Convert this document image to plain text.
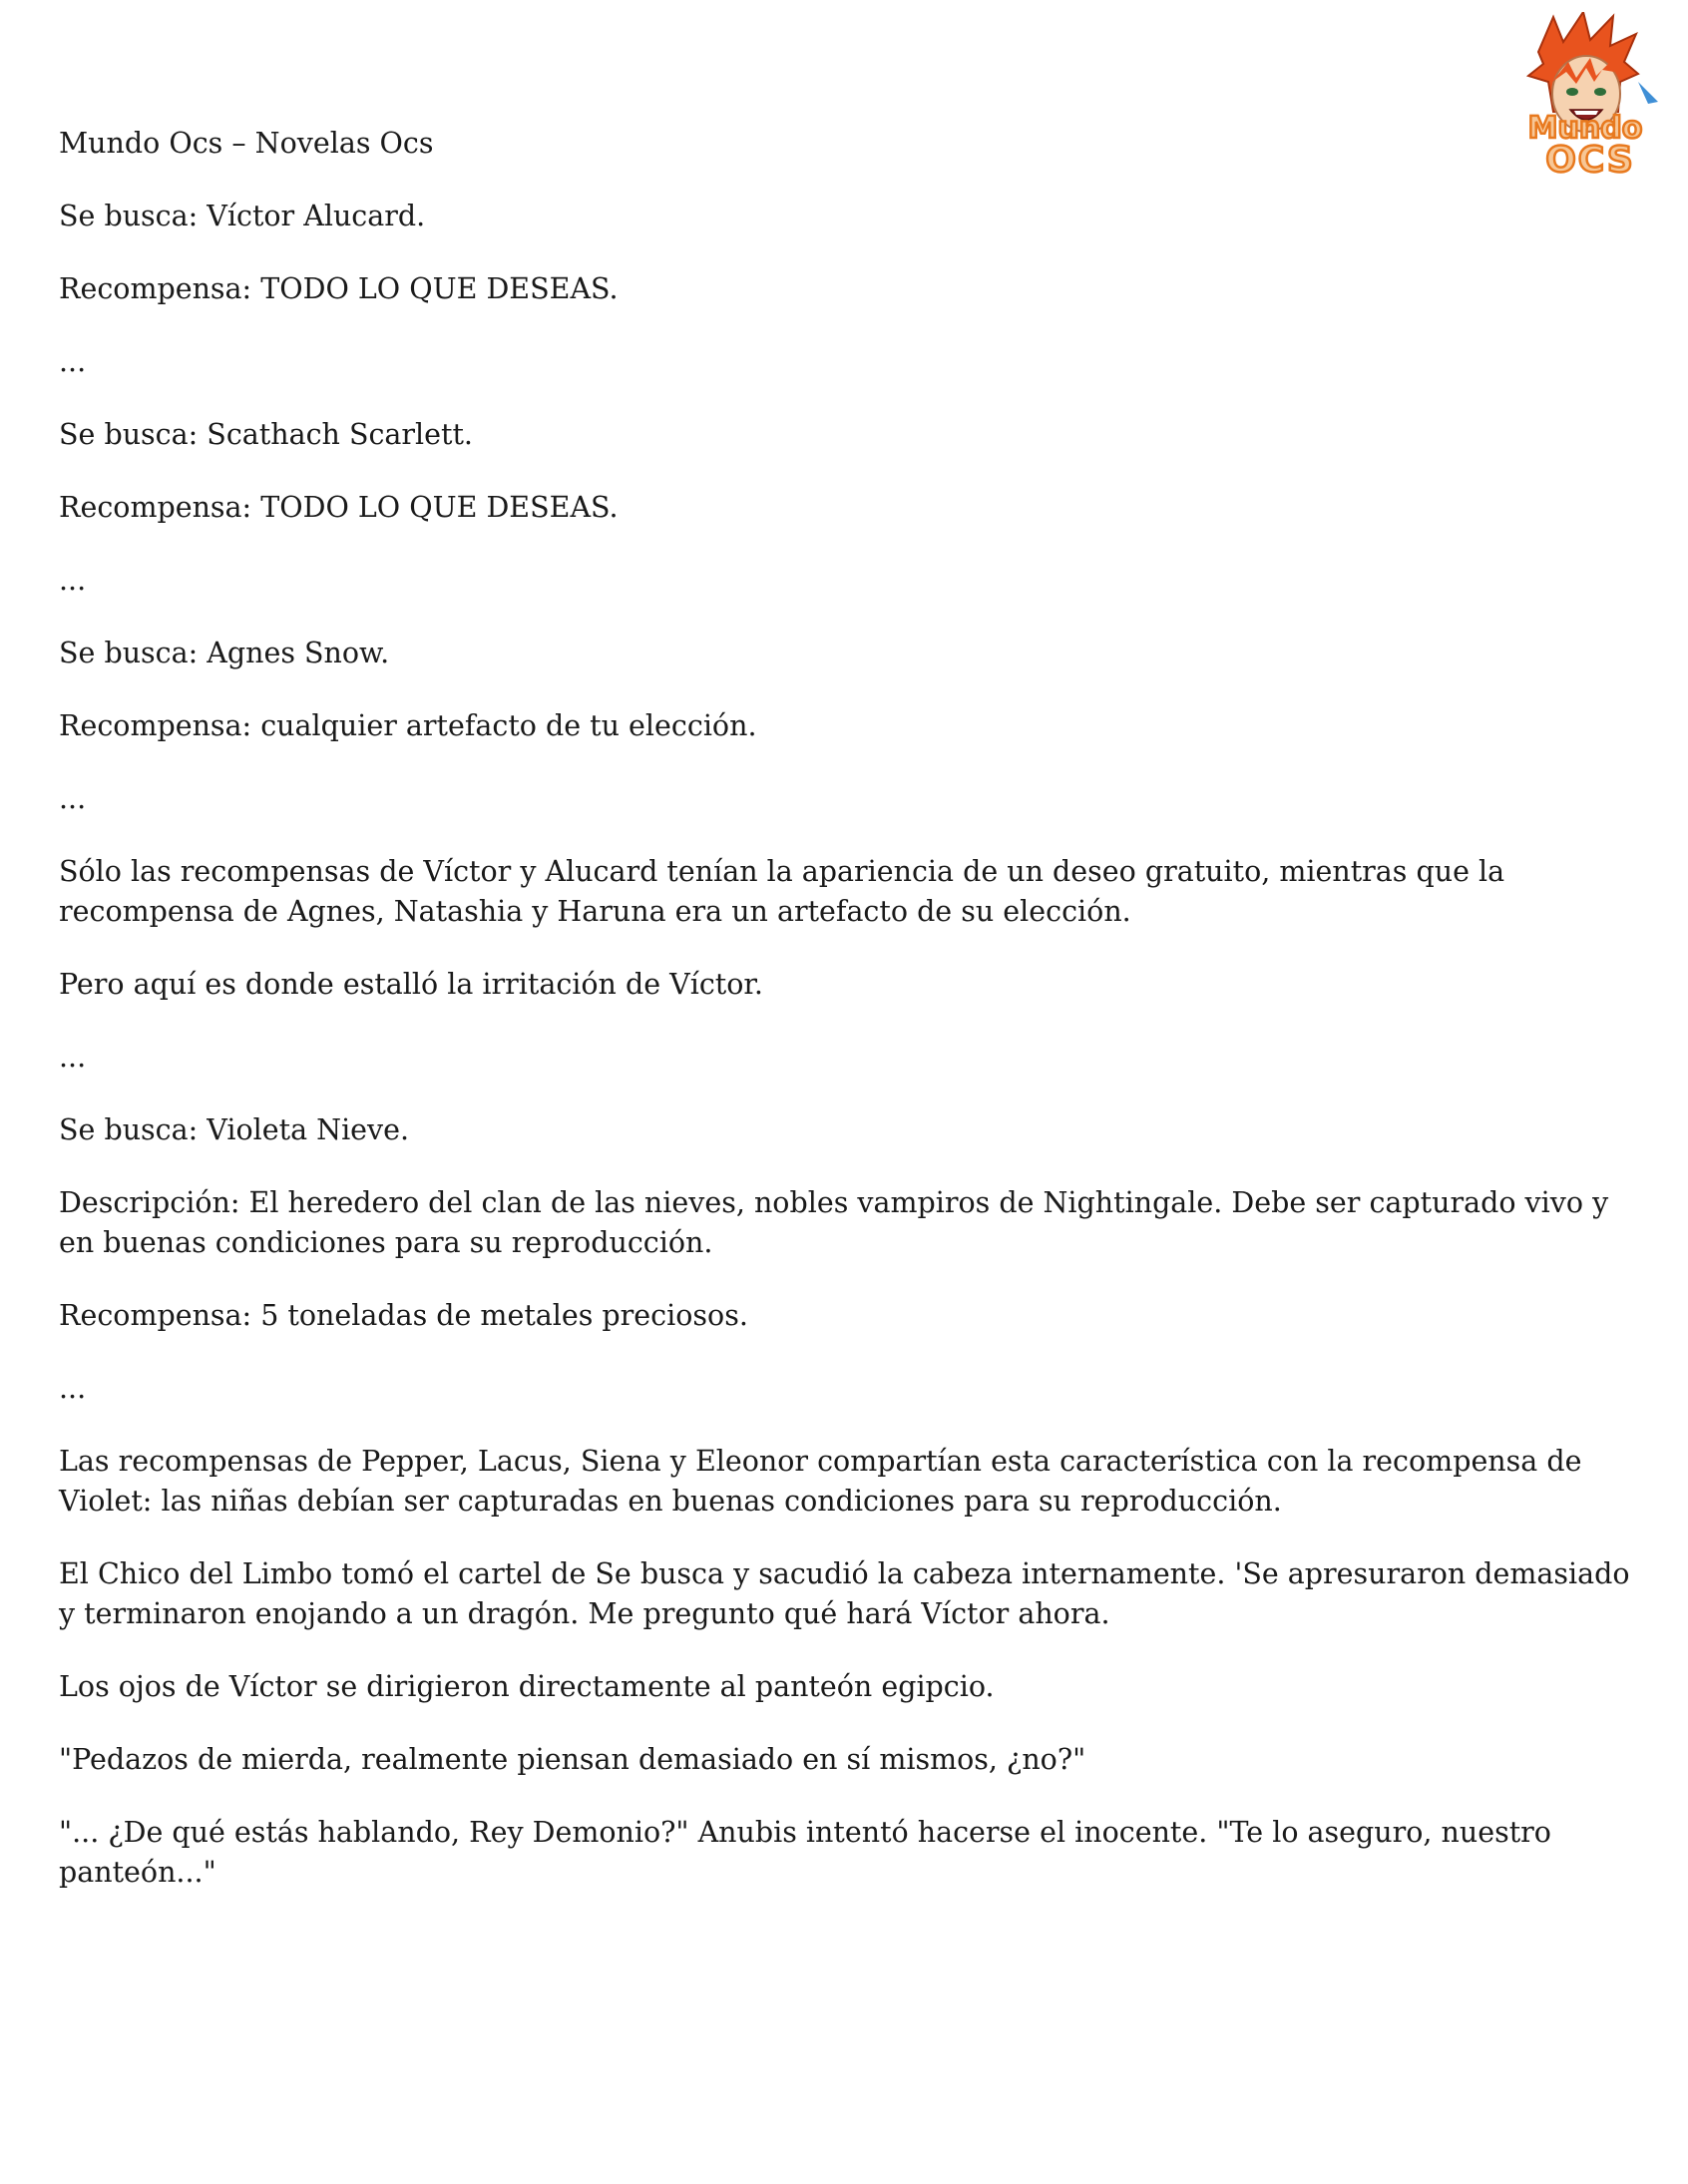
Mundo
OCS

Mundo Ocs – Novelas Ocs

Se busca: Víctor Alucard.

Recompensa: TODO LO QUE DESEAS.

...

Se busca: Scathach Scarlett.

Recompensa: TODO LO QUE DESEAS.

...

Se busca: Agnes Snow.

Recompensa: cualquier artefacto de tu elección.

...

Sólo las recompensas de Víctor y Alucard tenían la apariencia de un deseo gratuito, mientras que la recompensa de Agnes, Natashia y Haruna era un artefacto de su elección.

Pero aquí es donde estalló la irritación de Víctor.

...

Se busca: Violeta Nieve.

Descripción: El heredero del clan de las nieves, nobles vampiros de Nightingale. Debe ser capturado vivo y en buenas condiciones para su reproducción.

Recompensa: 5 toneladas de metales preciosos.

...

Las recompensas de Pepper, Lacus, Siena y Eleonor compartían esta característica con la recompensa de Violet: las niñas debían ser capturadas en buenas condiciones para su reproducción.

El Chico del Limbo tomó el cartel de Se busca y sacudió la cabeza internamente. 'Se apresuraron demasiado y terminaron enojando a un dragón. Me pregunto qué hará Víctor ahora.

Los ojos de Víctor se dirigieron directamente al panteón egipcio.

"Pedazos de mierda, realmente piensan demasiado en sí mismos, ¿no?"

"... ¿De qué estás hablando, Rey Demonio?" Anubis intentó hacerse el inocente. "Te lo aseguro, nuestro panteón..."
